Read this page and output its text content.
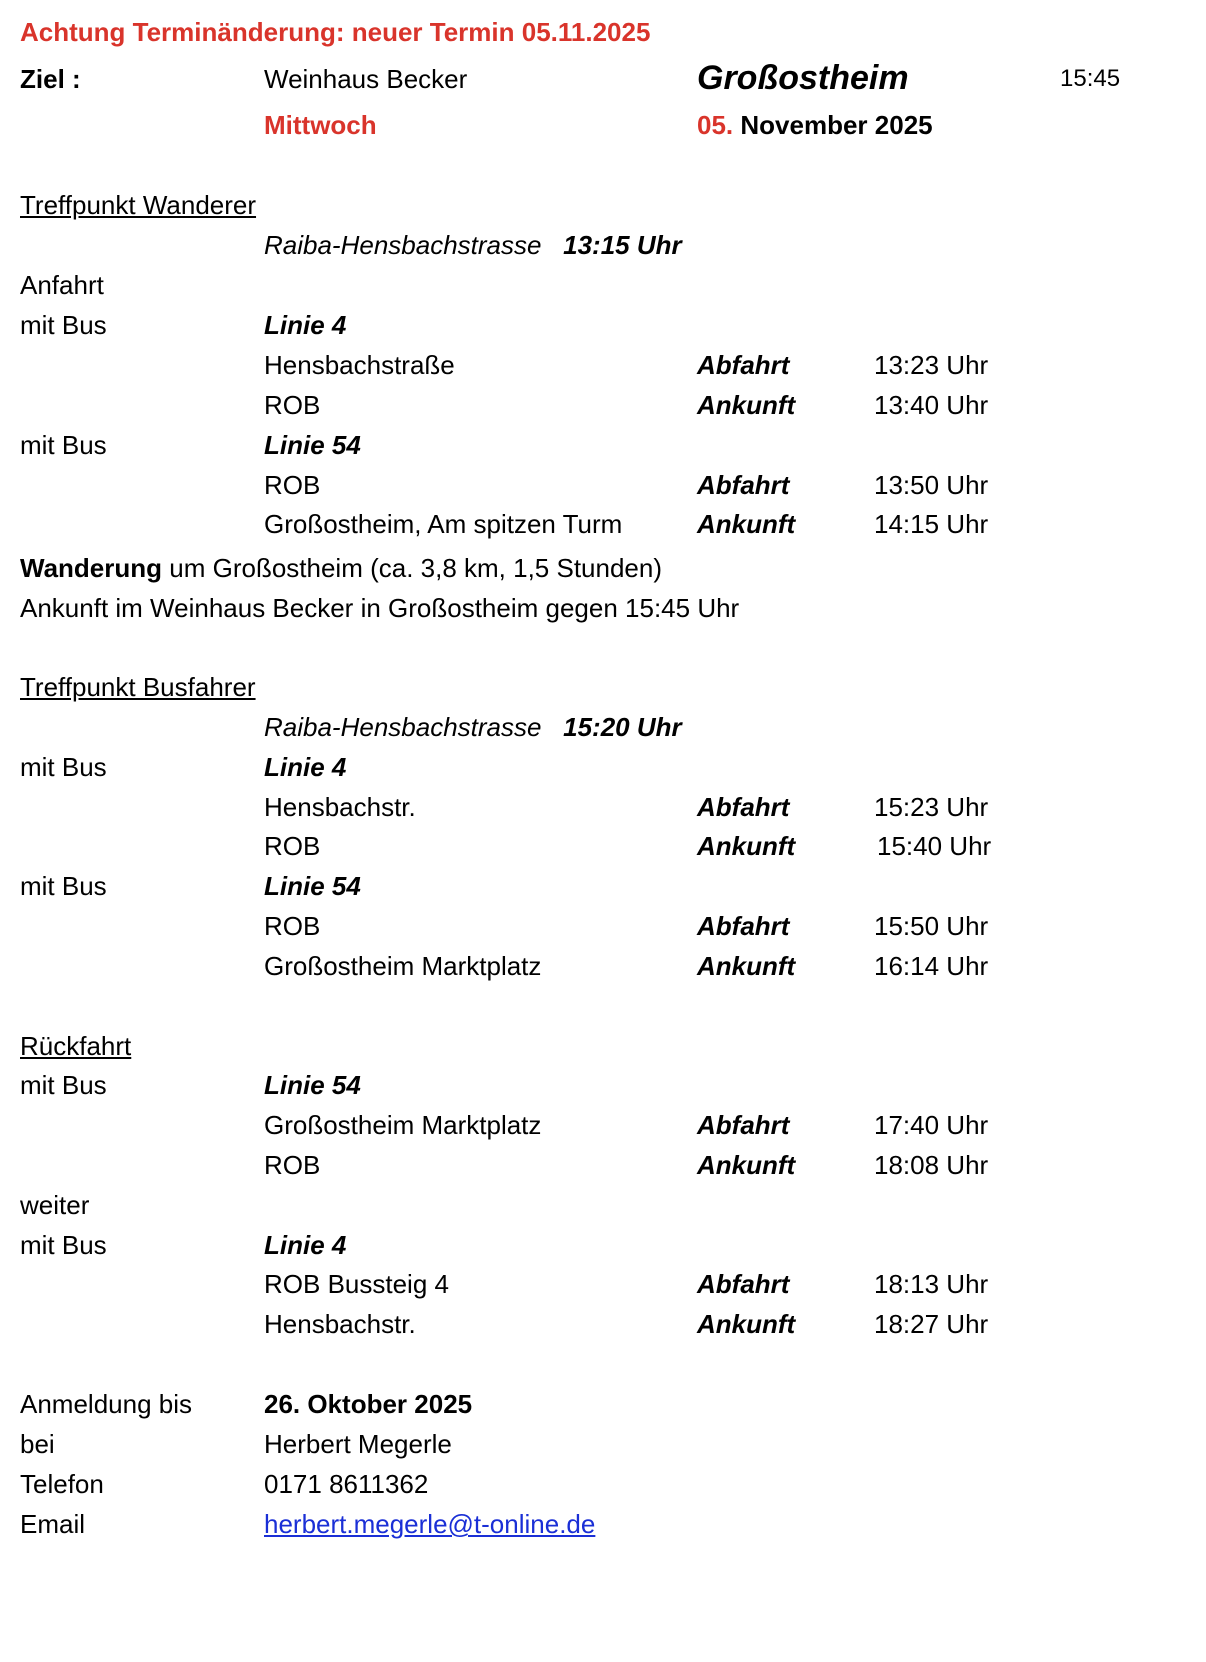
Achtung Terminänderung: neuer Termin 05.11.2025
Ziel :	Weinhaus Becker	Großostheim	15:45
Mittwoch	05. November 2025
Treffpunkt Wanderer
Raiba-Hensbachstrasse 13:15 Uhr
Anfahrt
mit Bus	Linie 4
Hensbachstraße	Abfahrt	13:23 Uhr
ROB	Ankunft	13:40 Uhr
mit Bus	Linie 54
ROB	Abfahrt	13:50 Uhr
Großostheim, Am spitzen Turm	Ankunft	14:15 Uhr
Wanderung um Großostheim (ca. 3,8 km, 1,5 Stunden)
Ankunft im Weinhaus Becker in Großostheim gegen 15:45 Uhr
Treffpunkt Busfahrer
Raiba-Hensbachstrasse 15:20 Uhr
mit Bus	Linie 4
Hensbachstr.	Abfahrt	15:23 Uhr
ROB	Ankunft	15:40 Uhr
mit Bus	Linie 54
ROB	Abfahrt	15:50 Uhr
Großostheim Marktplatz	Ankunft	16:14 Uhr
Rückfahrt
mit Bus	Linie 54
Großostheim Marktplatz	Abfahrt	17:40 Uhr
ROB	Ankunft	18:08 Uhr
weiter
mit Bus	Linie 4
ROB Bussteig 4	Abfahrt	18:13 Uhr
Hensbachstr.	Ankunft	18:27 Uhr
Anmeldung bis	26. Oktober 2025
bei	Herbert Megerle
Telefon	0171 8611362
Email	herbert.megerle@t-online.de
